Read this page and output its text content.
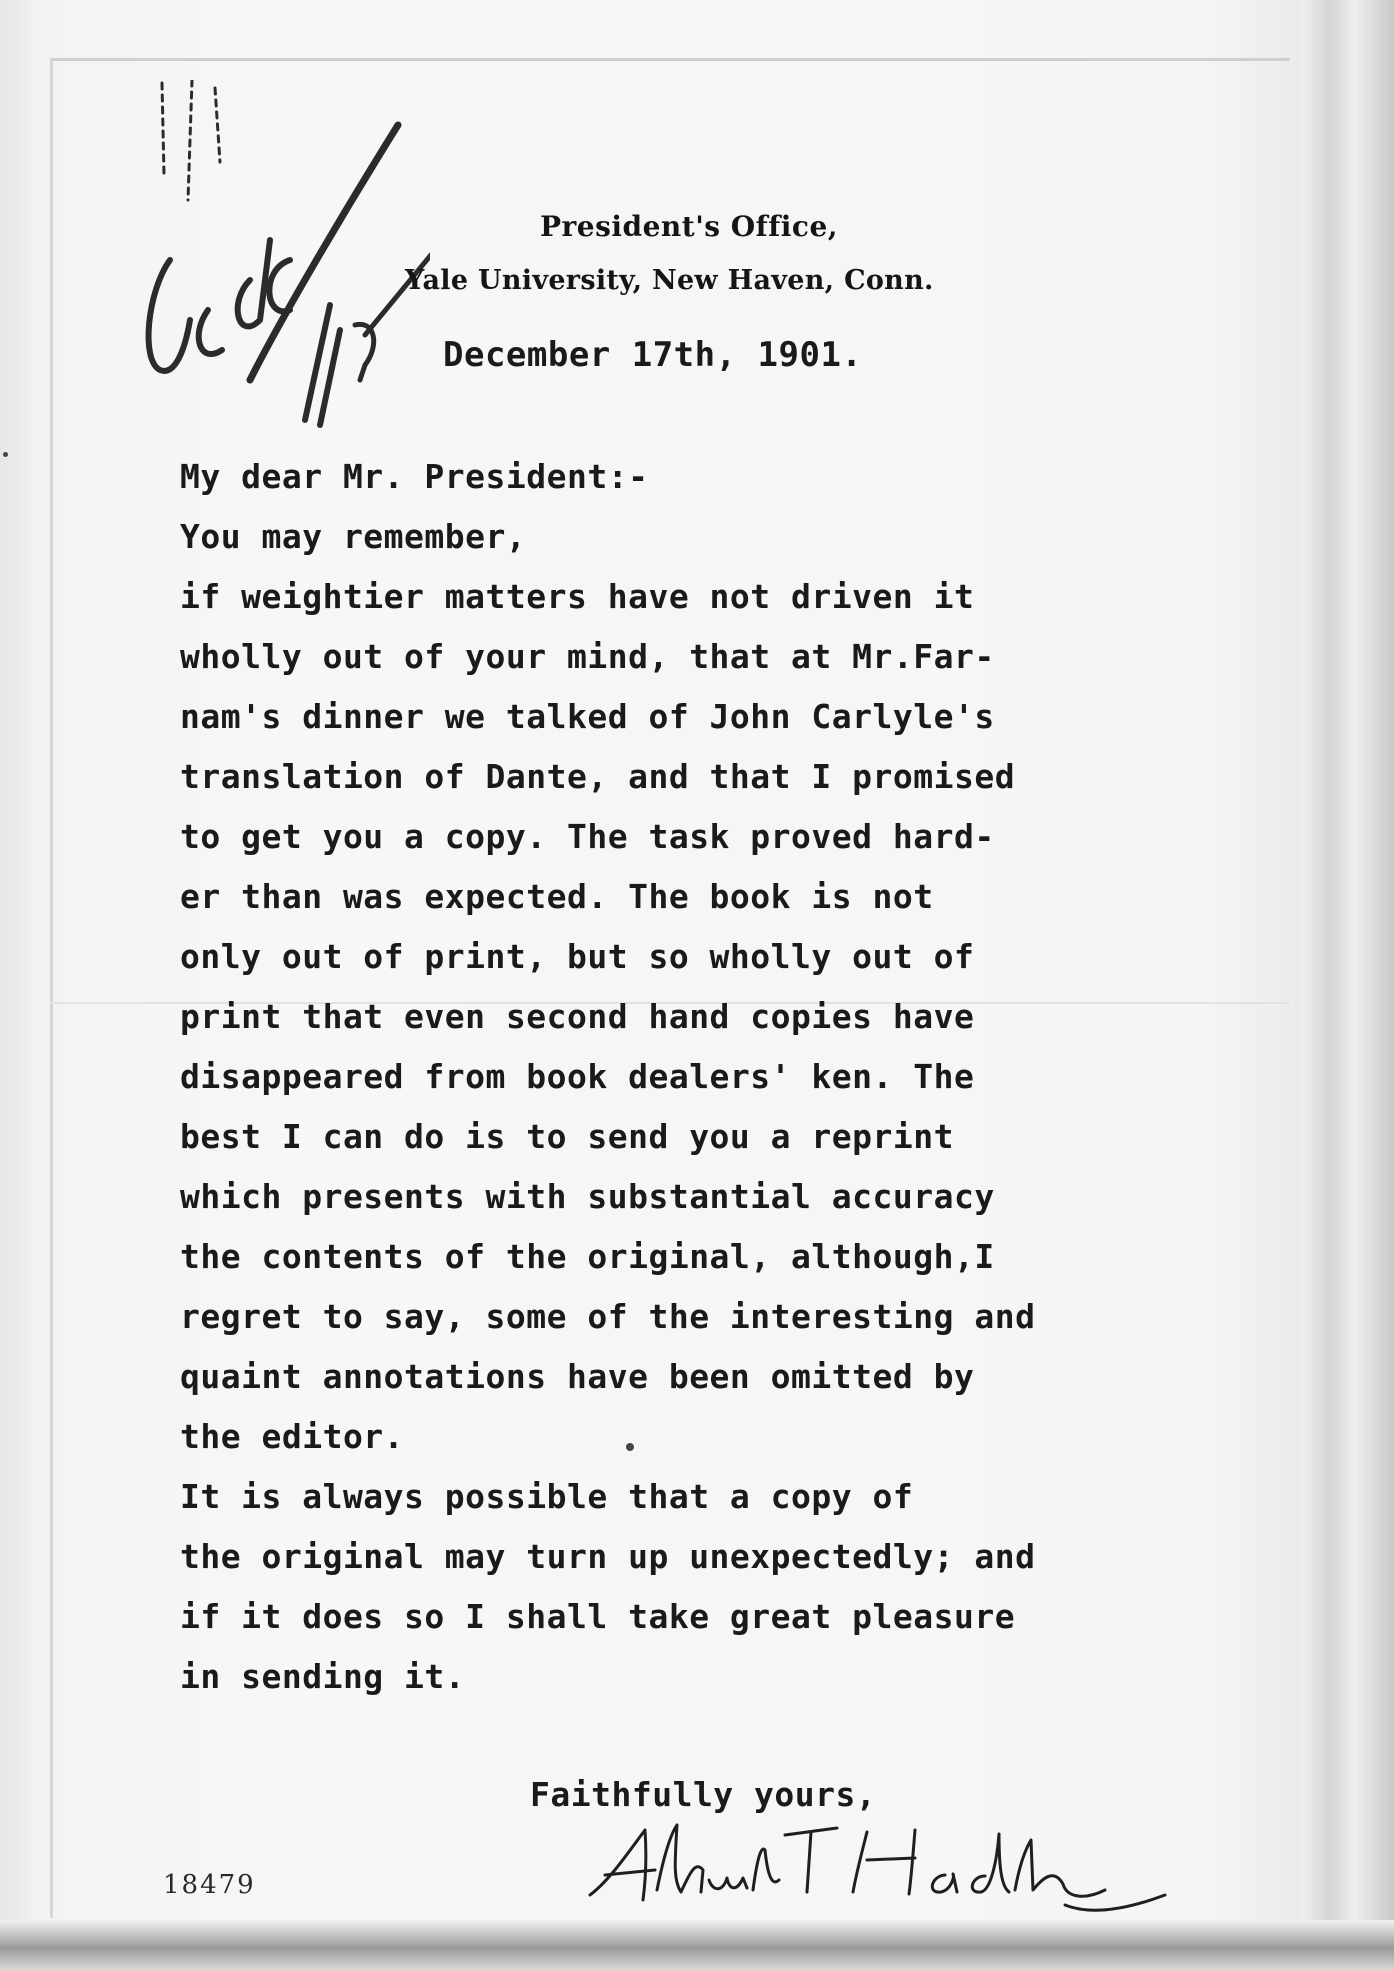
Ackd
President's Office,
Yale University, New Haven, Conn.
December 17th, 1901.
My dear Mr. President:-
You may remember,
if weightier matters have not driven it
wholly out of your mind, that at Mr.Far-
nam's dinner we talked of John Carlyle's
translation of Dante, and that I promised
to get you a copy. The task proved hard-
er than was expected. The book is not
only out of print, but so wholly out of
print that even second hand copies have
disappeared from book dealers' ken. The
best I can do is to send you a reprint
which presents with substantial accuracy
the contents of the original, although,I
regret to say, some of the interesting and
quaint annotations have been omitted by
the editor.
It is always possible that a copy of
the original may turn up unexpectedly; and
if it does so I shall take great pleasure
in sending it.
Faithfully yours,
Arthur T Hadley
18479
